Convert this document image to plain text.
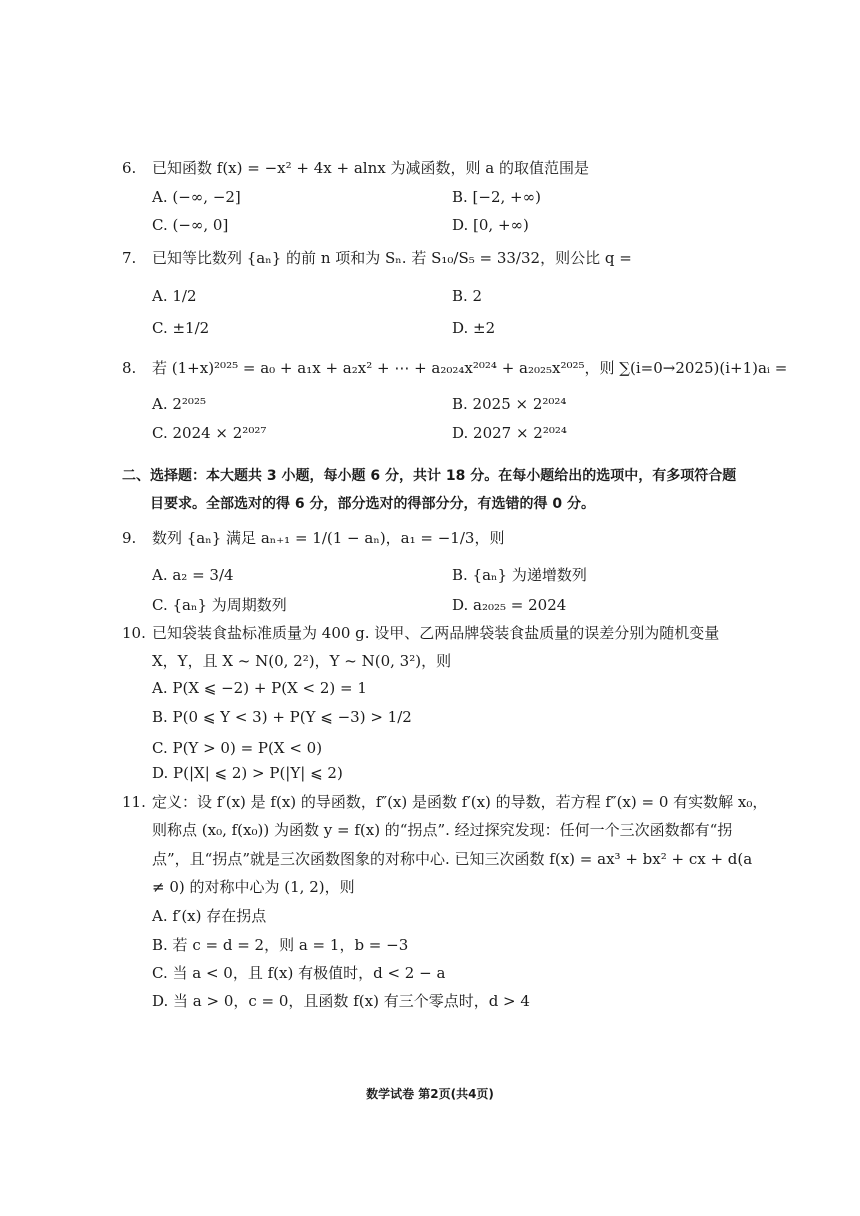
6. 已知函数 f(x) = −x² + 4x + alnx 为减函数，则 a 的取值范围是
A. (−∞, −2]	B. [−2, +∞)
C. (−∞, 0]	D. [0, +∞)
7. 已知等比数列 {aₙ} 的前 n 项和为 Sₙ. 若 S₁₀/S₅ = 33/32，则公比 q =
A. 1/2	B. 2
C. ±1/2	D. ±2
8. 若 (1+x)²⁰²⁵ = a₀ + a₁x + a₂x² + ⋯ + a₂₀₂₄x²⁰²⁴ + a₂₀₂₅x²⁰²⁵，则 ∑(i=0→2025)(i+1)aᵢ =
A. 2²⁰²⁵	B. 2025 × 2²⁰²⁴
C. 2024 × 2²⁰²⁷	D. 2027 × 2²⁰²⁴
二、选择题：本大题共 3 小题，每小题 6 分，共计 18 分。在每小题给出的选项中，有多项符合题
目要求。全部选对的得 6 分，部分选对的得部分分，有选错的得 0 分。
9. 数列 {aₙ} 满足 aₙ₊₁ = 1/(1 − aₙ)，a₁ = −1/3，则
A. a₂ = 3/4	B. {aₙ} 为递增数列
C. {aₙ} 为周期数列	D. a₂₀₂₅ = 2024
10. 已知袋装食盐标准质量为 400 g. 设甲、乙两品牌袋装食盐质量的误差分别为随机变量
X，Y，且 X ~ N(0, 2²)，Y ~ N(0, 3²)，则
A. P(X ⩽ −2) + P(X < 2) = 1
B. P(0 ⩽ Y < 3) + P(Y ⩽ −3) > 1/2
C. P(Y > 0) = P(X < 0)
D. P(|X| ⩽ 2) > P(|Y| ⩽ 2)
11. 定义：设 f′(x) 是 f(x) 的导函数，f″(x) 是函数 f′(x) 的导数，若方程 f″(x) = 0 有实数解 x₀，
则称点 (x₀, f(x₀)) 为函数 y = f(x) 的“拐点”. 经过探究发现：任何一个三次函数都有“拐
点”，且“拐点”就是三次函数图象的对称中心. 已知三次函数 f(x) = ax³ + bx² + cx + d(a
≠ 0) 的对称中心为 (1, 2)，则
A. f′(x) 存在拐点
B. 若 c = d = 2，则 a = 1，b = −3
C. 当 a < 0，且 f(x) 有极值时，d < 2 − a
D. 当 a > 0，c = 0，且函数 f(x) 有三个零点时，d > 4
数学试卷 第2页(共4页)
